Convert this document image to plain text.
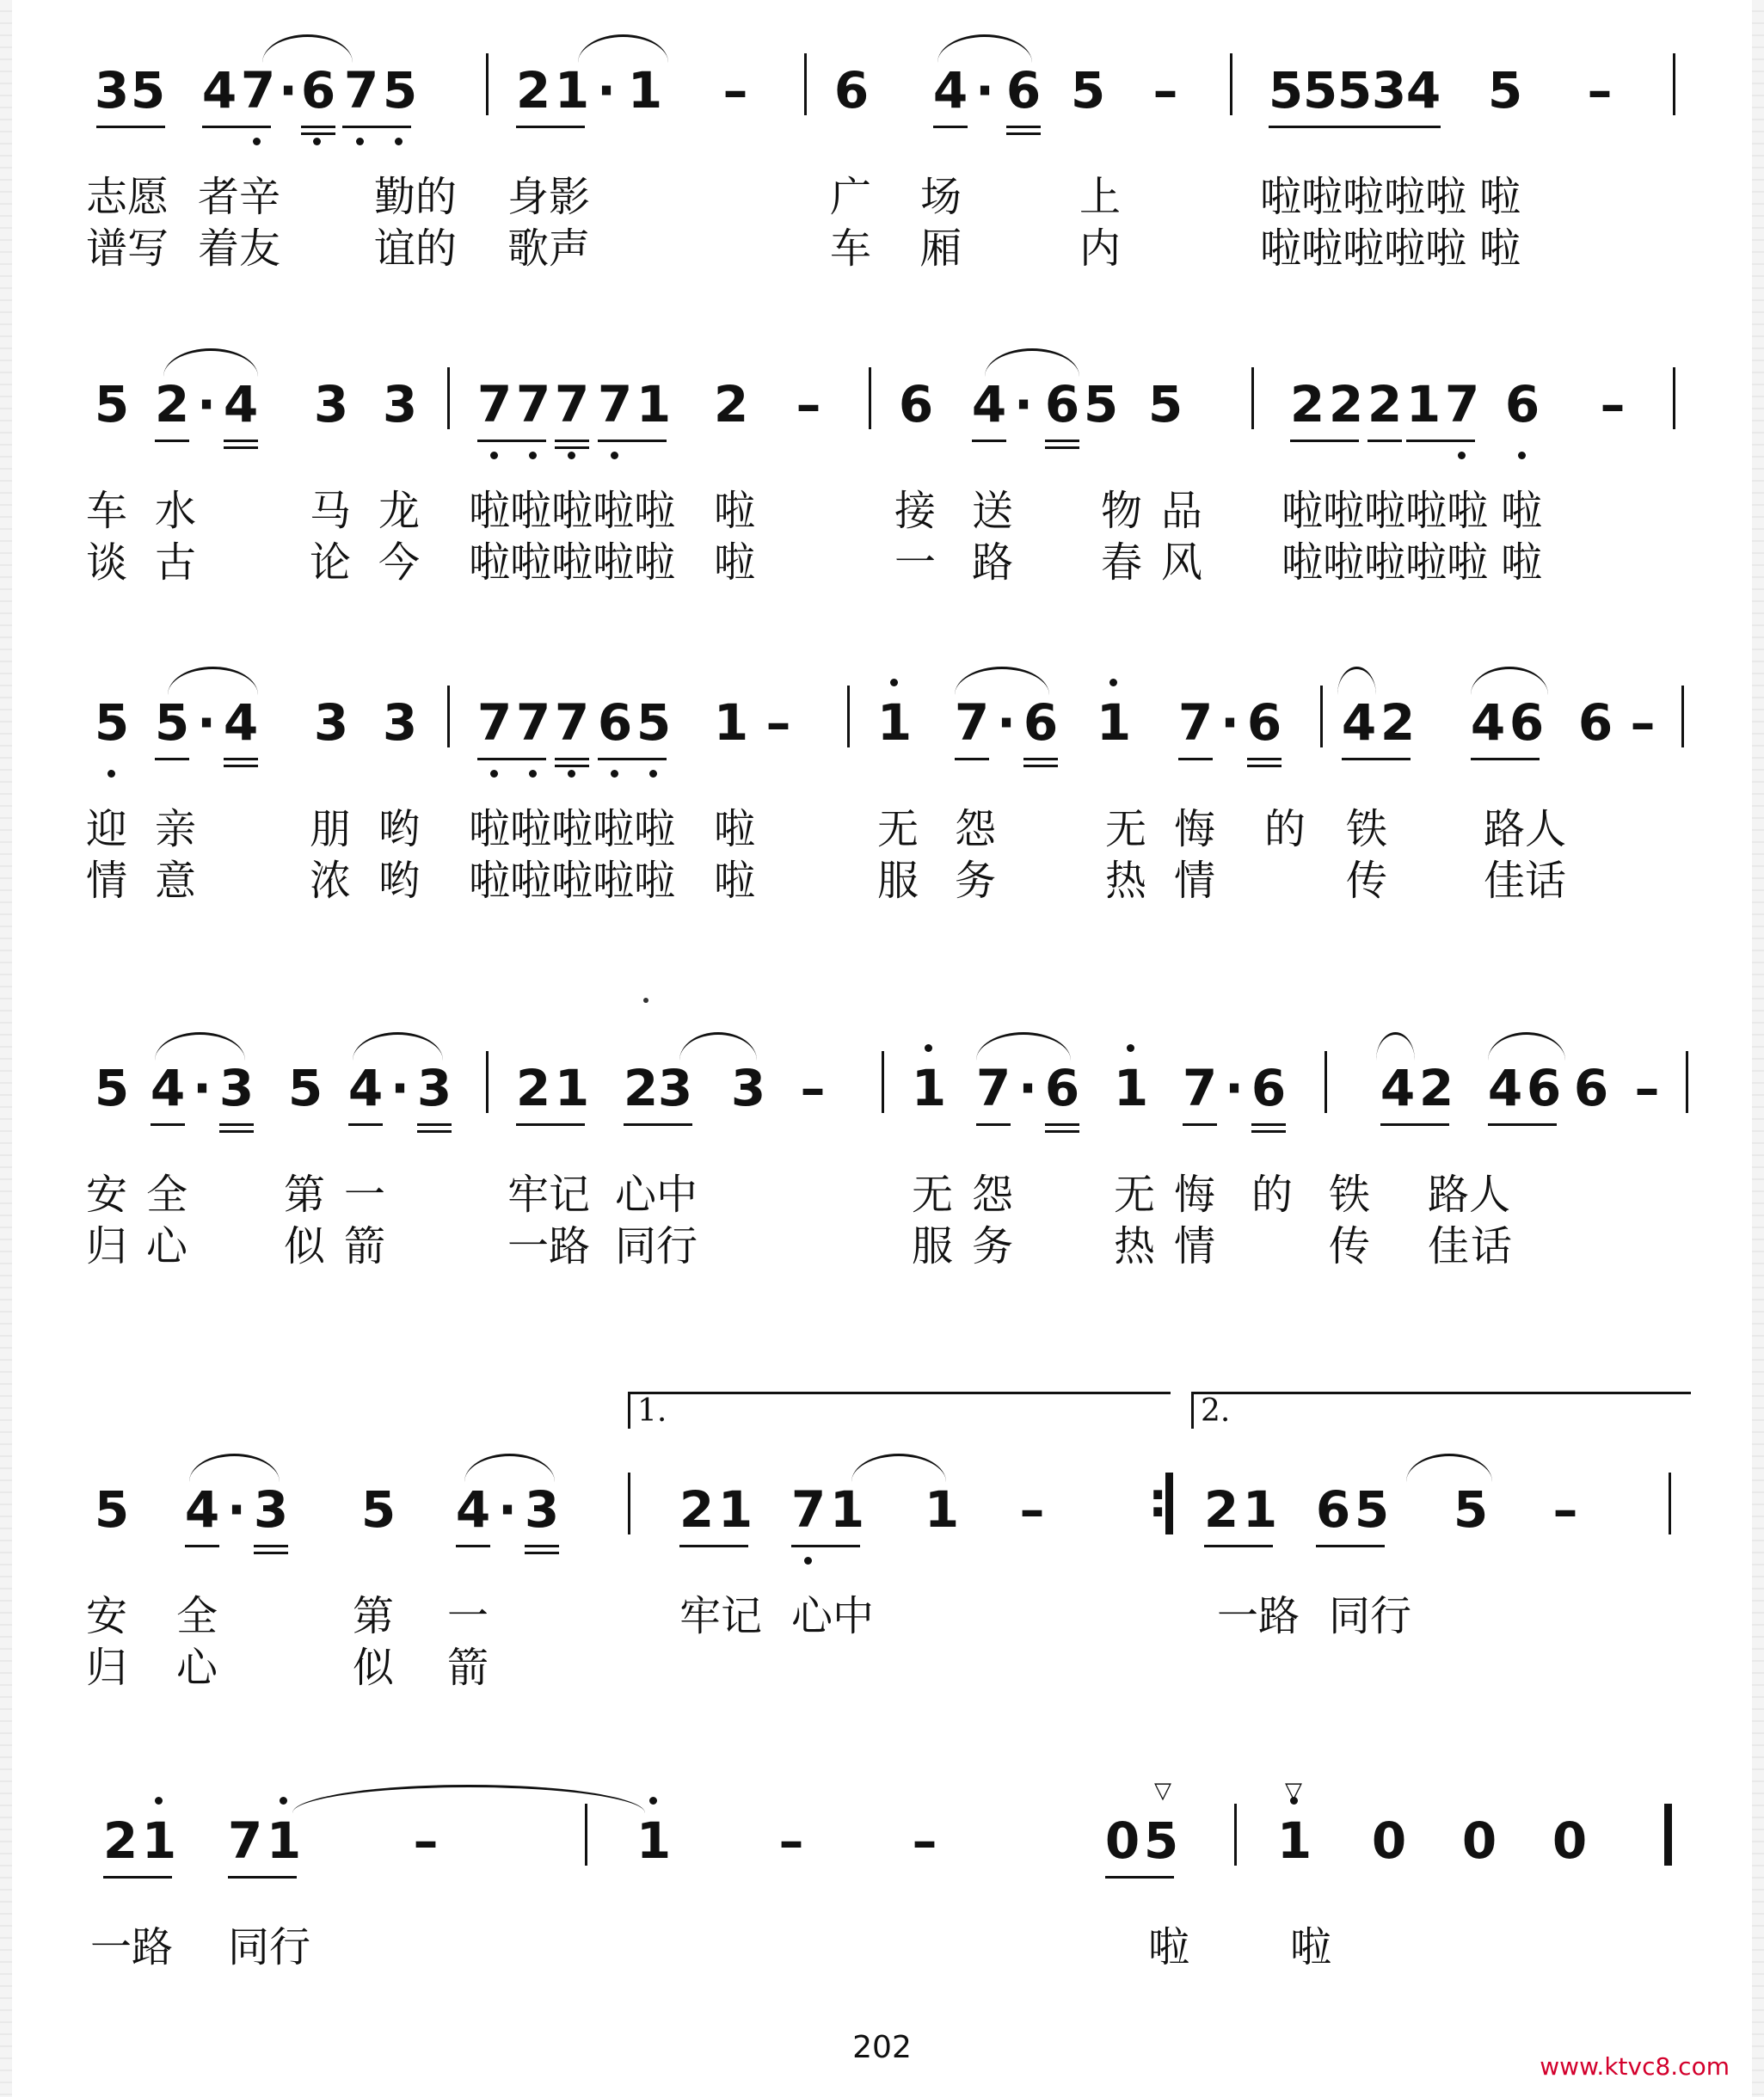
3 5 4 7 · 6 7 5 2 1 · 1 – 6 4 · 6 5 – 5 5 5 3 4 5 –
志愿 者辛 勤的 身影	广 场	上	啦啦啦啦啦 啦
谱写 着友 谊的 歌声	车 厢	内	啦啦啦啦啦 啦
5 2 · 4 3 3 7 7 7 7 1 2 – 6 4 · 6 5 5 2 2 2 1 7 6 –
车 水	马 龙 啦啦啦啦啦 啦	接 送 物 品 啦啦啦啦啦 啦
谈 古	论 今 啦啦啦啦啦 啦	一 路 春 风 啦啦啦啦啦 啦
5 5 · 4 3 3 7 7 7 6 5 1 – 1 7 · 6 1 7 · 6 4 2 4 6 6 –
迎 亲	朋 哟 啦啦啦啦啦 啦	无 怨	无 悔 的 铁 路人
情 意	浓 哟 啦啦啦啦啦 啦	服 务	热 情	传 佳话
5 4 · 3 5 4 · 3 2 1 2 3 3 – 1 7 · 6 1 7 · 6 4 2 4 6 6 –
安 全 第 一	牢记 心中	无 怨 无 悔 的 铁 路人
归 心 似 箭	一路 同行	服 务 热 情	传 佳 话
1.	2.
5 4 · 3 5 4 · 3 2 1 7 1 1 –
:	2 1 6 5 5 –
安 全	第 一	牢记 心中	一路 同行
归 心	似 箭
2 1 7 1 –	1 – –	0 5
▽
1 0 0 0
▽
一路 同行	啦 啦
202
www.ktvc8.com
